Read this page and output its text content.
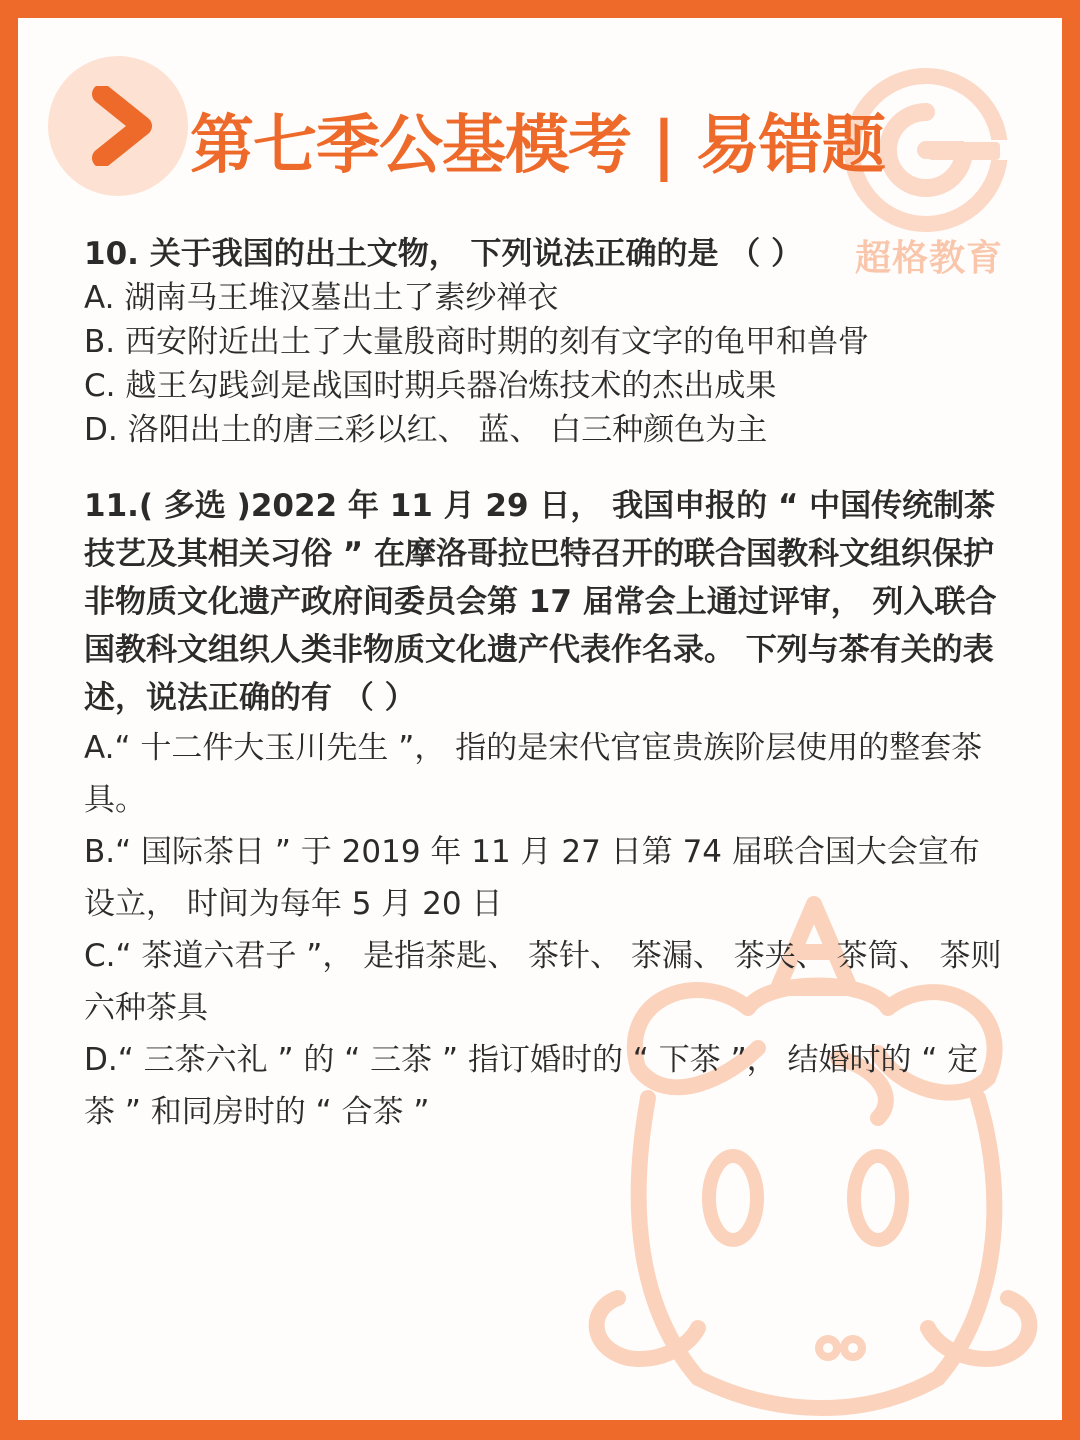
超格教育
第七季公基模考 | 易错题
10. 关于我国的出土文物， 下列说法正确的是 （ ）
A. 湖南马王堆汉墓出土了素纱禅衣
B. 西安附近出土了大量殷商时期的刻有文字的龟甲和兽骨
C. 越王勾践剑是战国时期兵器冶炼技术的杰出成果
D. 洛阳出土的唐三彩以红、 蓝、 白三种颜色为主
11.( 多选 )2022 年 11 月 29 日， 我国申报的 “ 中国传统制茶技艺及其相关习俗 ” 在摩洛哥拉巴特召开的联合国教科文组织保护非物质文化遗产政府间委员会第 17 届常会上通过评审， 列入联合国教科文组织人类非物质文化遗产代表作名录。 下列与茶有关的表述，说法正确的有 （ ）
A.“ 十二件大玉川先生 ”， 指的是宋代官宦贵族阶层使用的整套茶具。
B.“ 国际茶日 ” 于 2019 年 11 月 27 日第 74 届联合国大会宣布设立， 时间为每年 5 月 20 日
C.“ 茶道六君子 ”， 是指茶匙、 茶针、 茶漏、 茶夹、 茶筒、 茶则六种茶具
D.“ 三茶六礼 ” 的 “ 三茶 ” 指订婚时的 “ 下茶 ”， 结婚时的 “ 定茶 ” 和同房时的 “ 合茶 ”
